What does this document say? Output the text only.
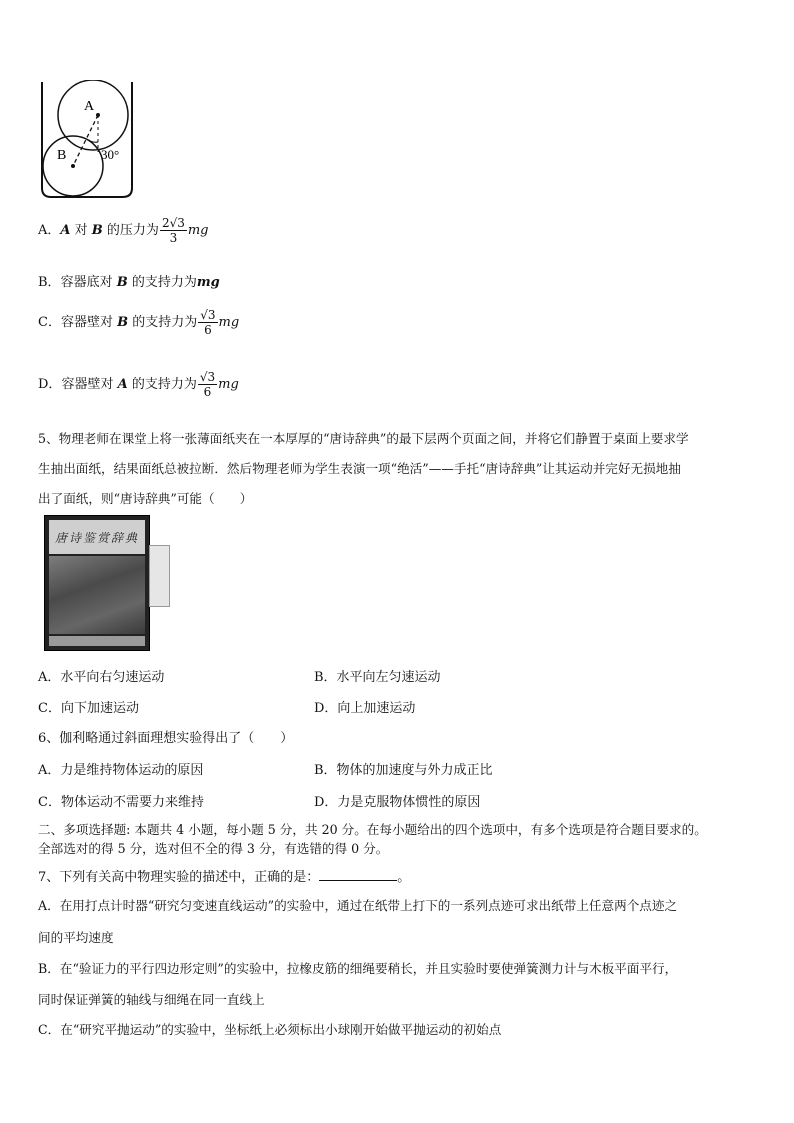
A
B	30°
A．A 对 B 的压力为 $\frac{2√3}{3}$ mg
B．容器底对 B 的支持力为mg
C．容器壁对 B 的支持力为 $\frac{√3}{6}$ mg
D．容器壁对 A 的支持力为 $\frac{√3}{6}$ mg
5、物理老师在课堂上将一张薄面纸夹在一本厚厚的“唐诗辞典”的最下层两个页面之间，并将它们静置于桌面上要求学
生抽出面纸，结果面纸总被拉断．然后物理老师为学生表演一项“绝活”——手托“唐诗辞典”让其运动并完好无损地抽
出了面纸，则“唐诗辞典”可能（　　）
唐诗鉴赏辞典
A．水平向右匀速运动	B．水平向左匀速运动
C．向下加速运动	D．向上加速运动
6、伽利略通过斜面理想实验得出了（　　）
A．力是维持物体运动的原因	B．物体的加速度与外力成正比
C．物体运动不需要力来维持	D．力是克服物体惯性的原因
二、多项选择题: 本题共 4 小题，每小题 5 分，共 20 分。在每小题给出的四个选项中，有多个选项是符合题目要求的。
全部选对的得 5 分，选对但不全的得 3 分，有选错的得 0 分。
7、下列有关高中物理实验的描述中，正确的是：	。
A．在用打点计时器“研究匀变速直线运动”的实验中，通过在纸带上打下的一系列点迹可求出纸带上任意两个点迹之
间的平均速度
B．在“验证力的平行四边形定则”的实验中，拉橡皮筋的细绳要稍长，并且实验时要使弹簧测力计与木板平面平行，
同时保证弹簧的轴线与细绳在同一直线上
C．在“研究平抛运动”的实验中，坐标纸上必须标出小球刚开始做平抛运动的初始点
